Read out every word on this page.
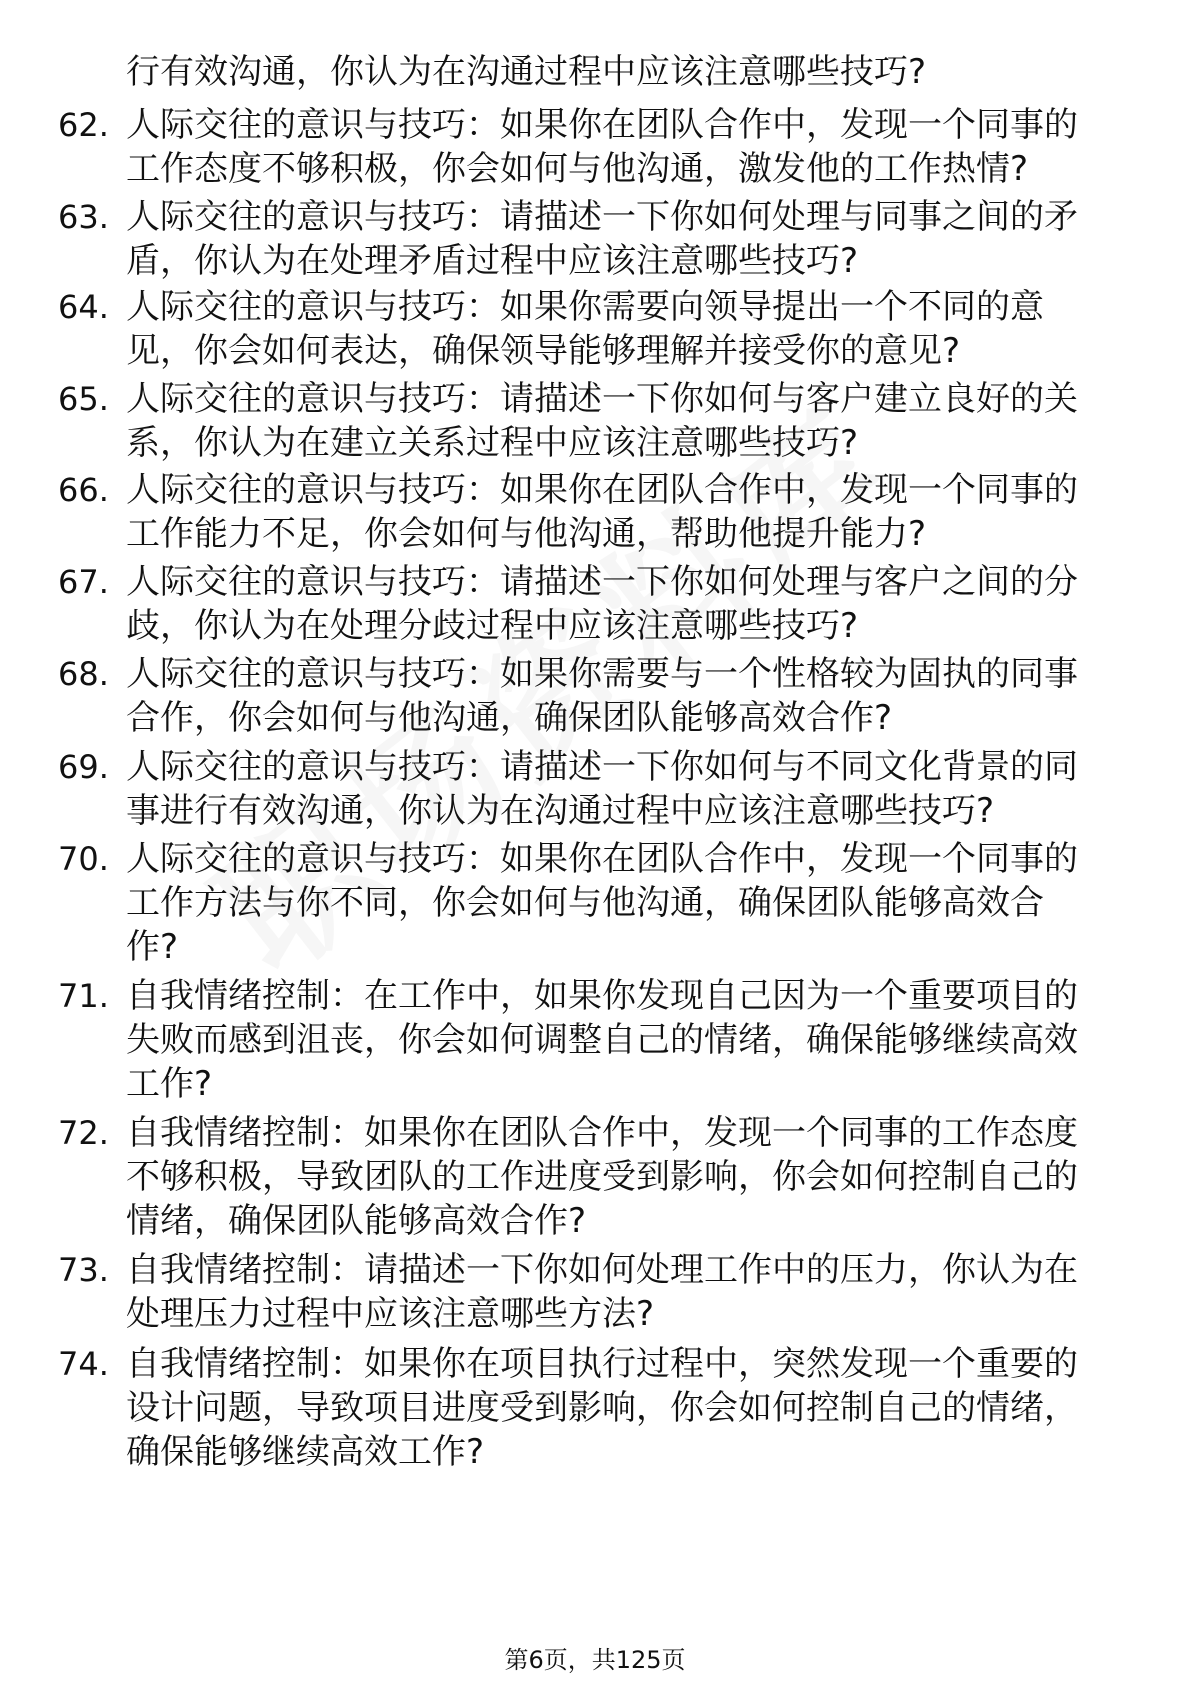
行有效沟通，你认为在沟通过程中应该注意哪些技巧?
62. 人际交往的意识与技巧：如果你在团队合作中，发现一个同事的
工作态度不够积极，你会如何与他沟通，激发他的工作热情?
63. 人际交往的意识与技巧：请描述一下你如何处理与同事之间的矛
盾，你认为在处理矛盾过程中应该注意哪些技巧?
64. 人际交往的意识与技巧：如果你需要向领导提出一个不同的意
见，你会如何表达，确保领导能够理解并接受你的意见?
65. 人际交往的意识与技巧：请描述一下你如何与客户建立良好的关
系，你认为在建立关系过程中应该注意哪些技巧?
66. 人际交往的意识与技巧：如果你在团队合作中，发现一个同事的
工作能力不足，你会如何与他沟通，帮助他提升能力?
67. 人际交往的意识与技巧：请描述一下你如何处理与客户之间的分
歧，你认为在处理分歧过程中应该注意哪些技巧?
68. 人际交往的意识与技巧：如果你需要与一个性格较为固执的同事
合作，你会如何与他沟通，确保团队能够高效合作?
69. 人际交往的意识与技巧：请描述一下你如何与不同文化背景的同
事进行有效沟通，你认为在沟通过程中应该注意哪些技巧?
70. 人际交往的意识与技巧：如果你在团队合作中，发现一个同事的
工作方法与你不同，你会如何与他沟通，确保团队能够高效合
作?
71. 自我情绪控制：在工作中，如果你发现自己因为一个重要项目的
失败而感到沮丧，你会如何调整自己的情绪，确保能够继续高效
工作?
72. 自我情绪控制：如果你在团队合作中，发现一个同事的工作态度
不够积极，导致团队的工作进度受到影响，你会如何控制自己的
情绪，确保团队能够高效合作?
73. 自我情绪控制：请描述一下你如何处理工作中的压力，你认为在
处理压力过程中应该注意哪些方法?
74. 自我情绪控制：如果你在项目执行过程中，突然发现一个重要的
设计问题，导致项目进度受到影响，你会如何控制自己的情绪，
确保能够继续高效工作?
第6页，共125页
